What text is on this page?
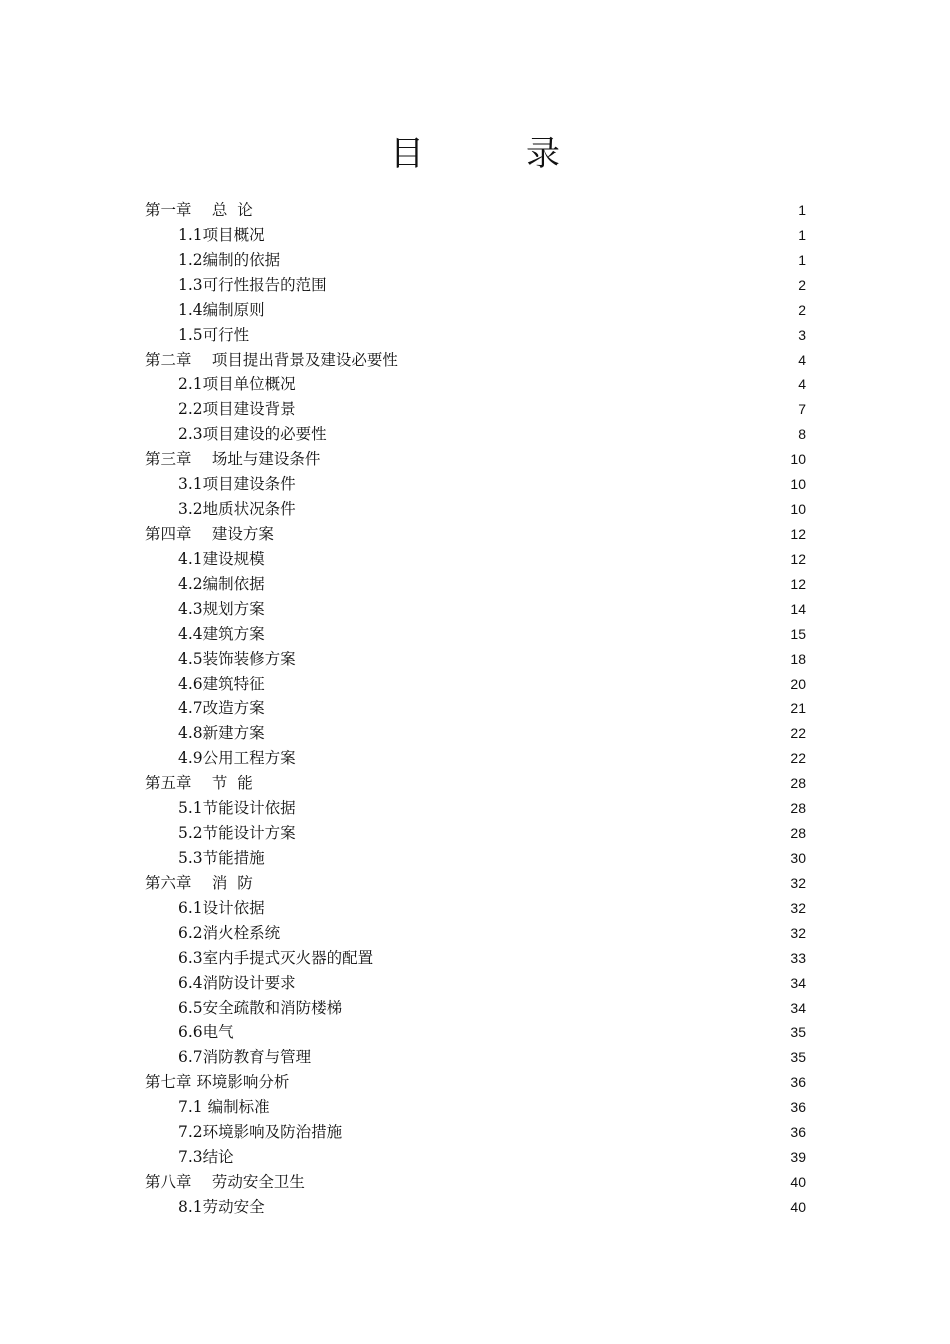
目　录
第一章　 总  论	1
1.1项目概况	1
1.2编制的依据	1
1.3可行性报告的范围	2
1.4编制原则	2
1.5可行性	3
第二章　 项目提出背景及建设必要性	4
2.1项目单位概况	4
2.2项目建设背景	7
2.3项目建设的必要性	8
第三章　 场址与建设条件	10
3.1项目建设条件	10
3.2地质状况条件	10
第四章　 建设方案	12
4.1建设规模	12
4.2编制依据	12
4.3规划方案	14
4.4建筑方案	15
4.5装饰装修方案	18
4.6建筑特征	20
4.7改造方案	21
4.8新建方案	22
4.9公用工程方案	22
第五章　 节  能	28
5.1节能设计依据	28
5.2节能设计方案	28
5.3节能措施	30
第六章　 消  防	32
6.1设计依据	32
6.2消火栓系统	32
6.3室内手提式灭火器的配置	33
6.4消防设计要求	34
6.5安全疏散和消防楼梯	34
6.6电气	35
6.7消防教育与管理	35
第七章 环境影响分析	36
7.1 编制标准	36
7.2环境影响及防治措施	36
7.3结论	39
第八章　 劳动安全卫生	40
8.1劳动安全	40
